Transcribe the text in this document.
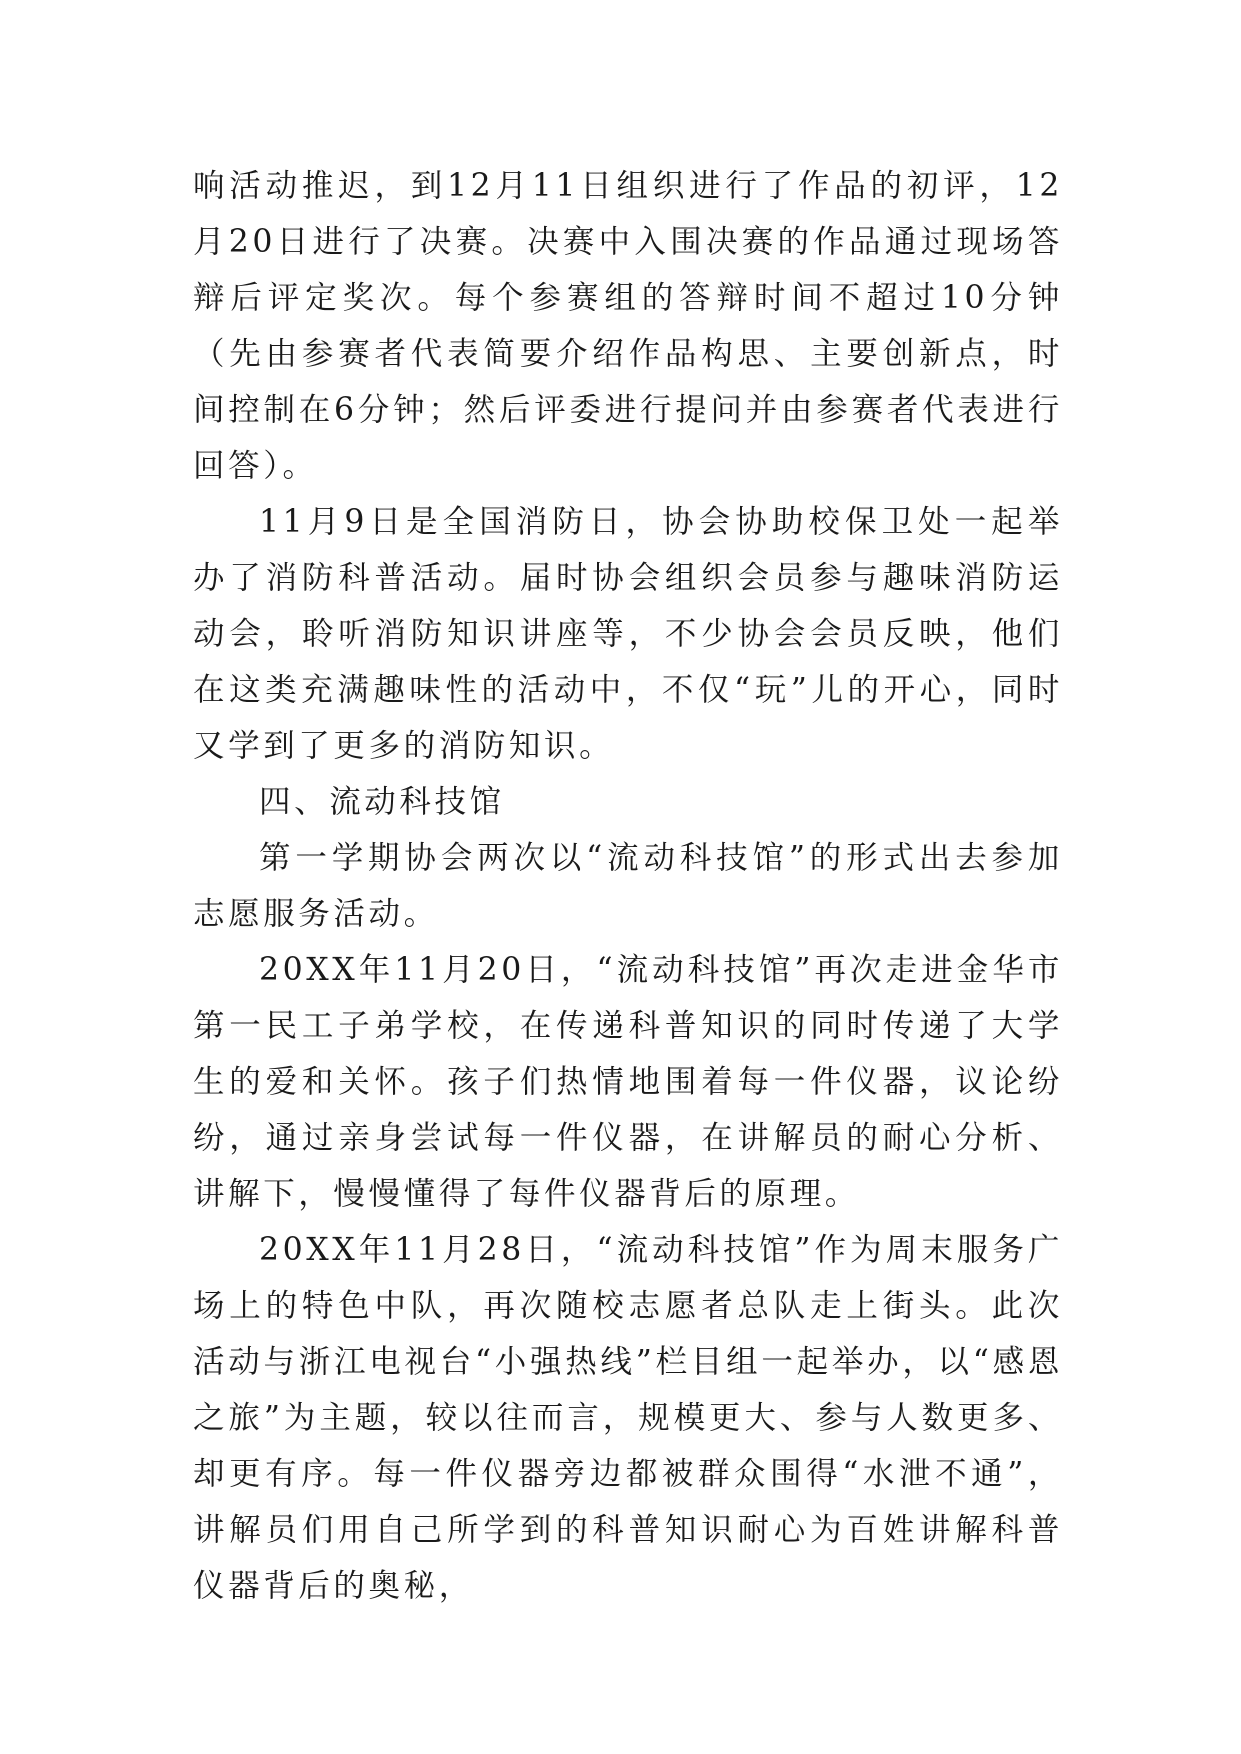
响活动推迟，到12月11日组织进行了作品的初评，12月20日进行了决赛。决赛中入围决赛的作品通过现场答辩后评定奖次。每个参赛组的答辩时间不超过10分钟（先由参赛者代表简要介绍作品构思、主要创新点，时间控制在6分钟；然后评委进行提问并由参赛者代表进行回答）。

11月9日是全国消防日，协会协助校保卫处一起举办了消防科普活动。届时协会组织会员参与趣味消防运动会，聆听消防知识讲座等，不少协会会员反映，他们在这类充满趣味性的活动中，不仅“玩”儿的开心，同时又学到了更多的消防知识。

四、流动科技馆

第一学期协会两次以“流动科技馆”的形式出去参加志愿服务活动。

20XX年11月20日，“流动科技馆”再次走进金华市第一民工子弟学校，在传递科普知识的同时传递了大学生的爱和关怀。孩子们热情地围着每一件仪器，议论纷纷，通过亲身尝试每一件仪器，在讲解员的耐心分析、讲解下，慢慢懂得了每件仪器背后的原理。

20XX年11月28日，“流动科技馆”作为周末服务广场上的特色中队，再次随校志愿者总队走上街头。此次活动与浙江电视台“小强热线”栏目组一起举办，以“感恩之旅”为主题，较以往而言，规模更大、参与人数更多、却更有序。每一件仪器旁边都被群众围得“水泄不通”，讲解员们用自己所学到的科普知识耐心为百姓讲解科普仪器背后的奥秘，
